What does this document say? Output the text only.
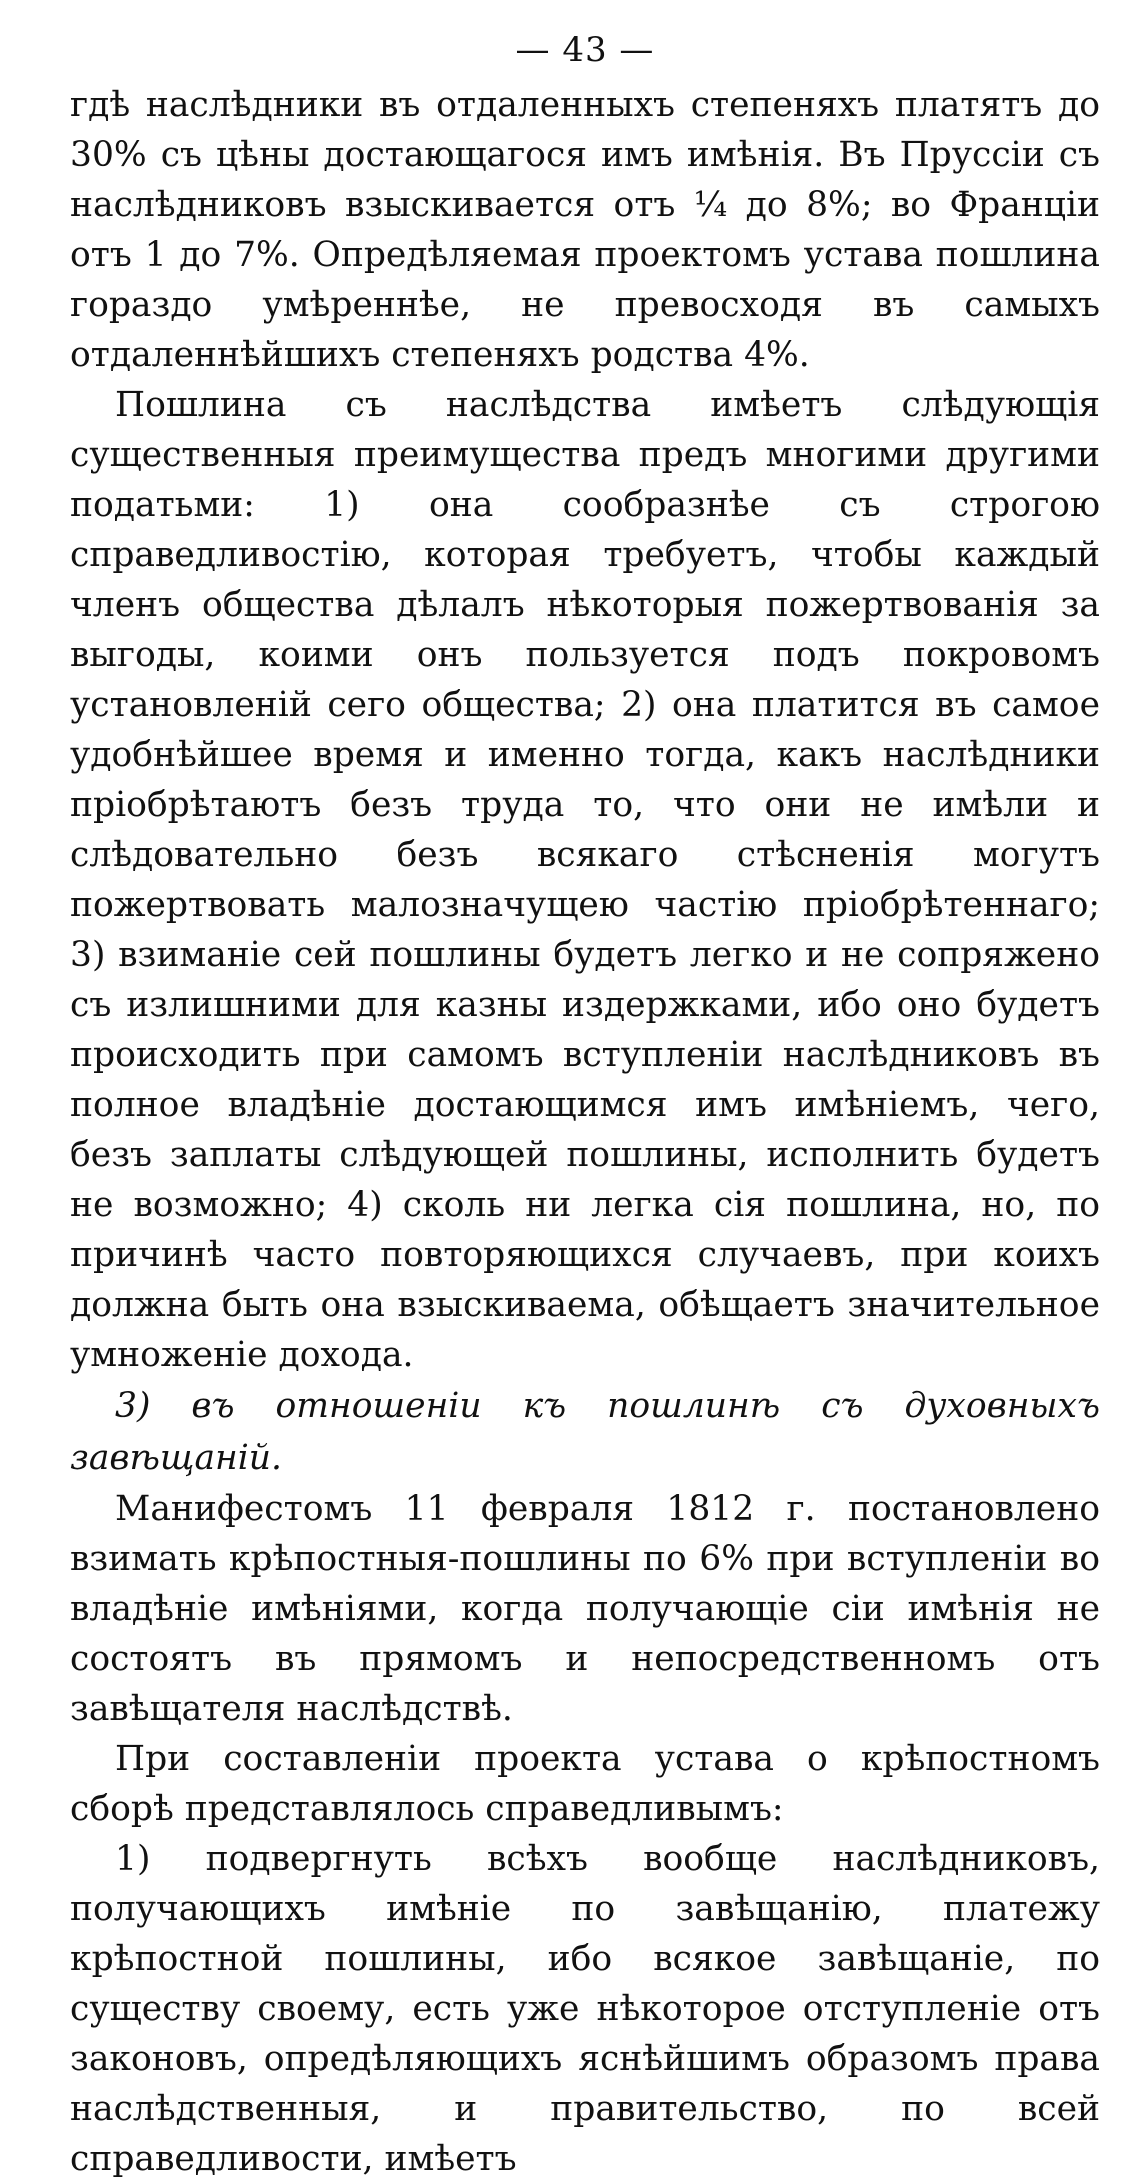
— 43 —

гдѣ наслѣдники въ отдаленныхъ степеняхъ платятъ до 30% съ цѣны достающагося имъ имѣнія. Въ Пруссіи съ наслѣдниковъ взыскивается отъ ¼ до 8%; во Франціи отъ 1 до 7%. Опредѣляемая проектомъ устава пошлина гораздо умѣреннѣе, не превосходя въ самыхъ отдаленнѣйшихъ степеняхъ родства 4%.

Пошлина съ наслѣдства имѣетъ слѣдующія существенныя преимущества предъ многими другими податьми: 1) она сообразнѣе съ строгою справедливостію, которая требуетъ, чтобы каждый членъ общества дѣлалъ нѣкоторыя пожертвованія за выгоды, коими онъ пользуется подъ покровомъ установленій сего общества; 2) она платится въ самое удобнѣйшее время и именно тогда, какъ наслѣдники пріобрѣтаютъ безъ труда то, что они не имѣли и слѣдовательно безъ всякаго стѣсненія могутъ пожертвовать малозначущею частію пріобрѣтеннаго; 3) взиманіе сей пошлины будетъ легко и не сопряжено съ излишними для казны издержками, ибо оно будетъ происходить при самомъ вступленіи наслѣдниковъ въ полное владѣніе достающимся имъ имѣніемъ, чего, безъ заплаты слѣдующей пошлины, исполнить будетъ не возможно; 4) сколь ни легка сія пошлина, но, по причинѣ часто повторяющихся случаевъ, при коихъ должна быть она взыскиваема, обѣщаетъ значительное умноженіе дохода.

3) въ отношеніи къ пошлинѣ съ духовныхъ завѣщаній.

Манифестомъ 11 февраля 1812 г. постановлено взимать крѣпостныя-пошлины по 6% при вступленіи во владѣніе имѣніями, когда получающіе сіи имѣнія не состоятъ въ прямомъ и непосредственномъ отъ завѣщателя наслѣдствѣ.

При составленіи проекта устава о крѣпостномъ сборѣ представлялось справедливымъ:

1) подвергнуть всѣхъ вообще наслѣдниковъ, получающихъ имѣніе по завѣщанію, платежу крѣпостной пошлины, ибо всякое завѣщаніе, по существу своему, есть уже нѣкоторое отступленіе отъ законовъ, опредѣляющихъ яснѣйшимъ образомъ права наслѣдственныя, и правительство, по всей справедливости, имѣетъ
